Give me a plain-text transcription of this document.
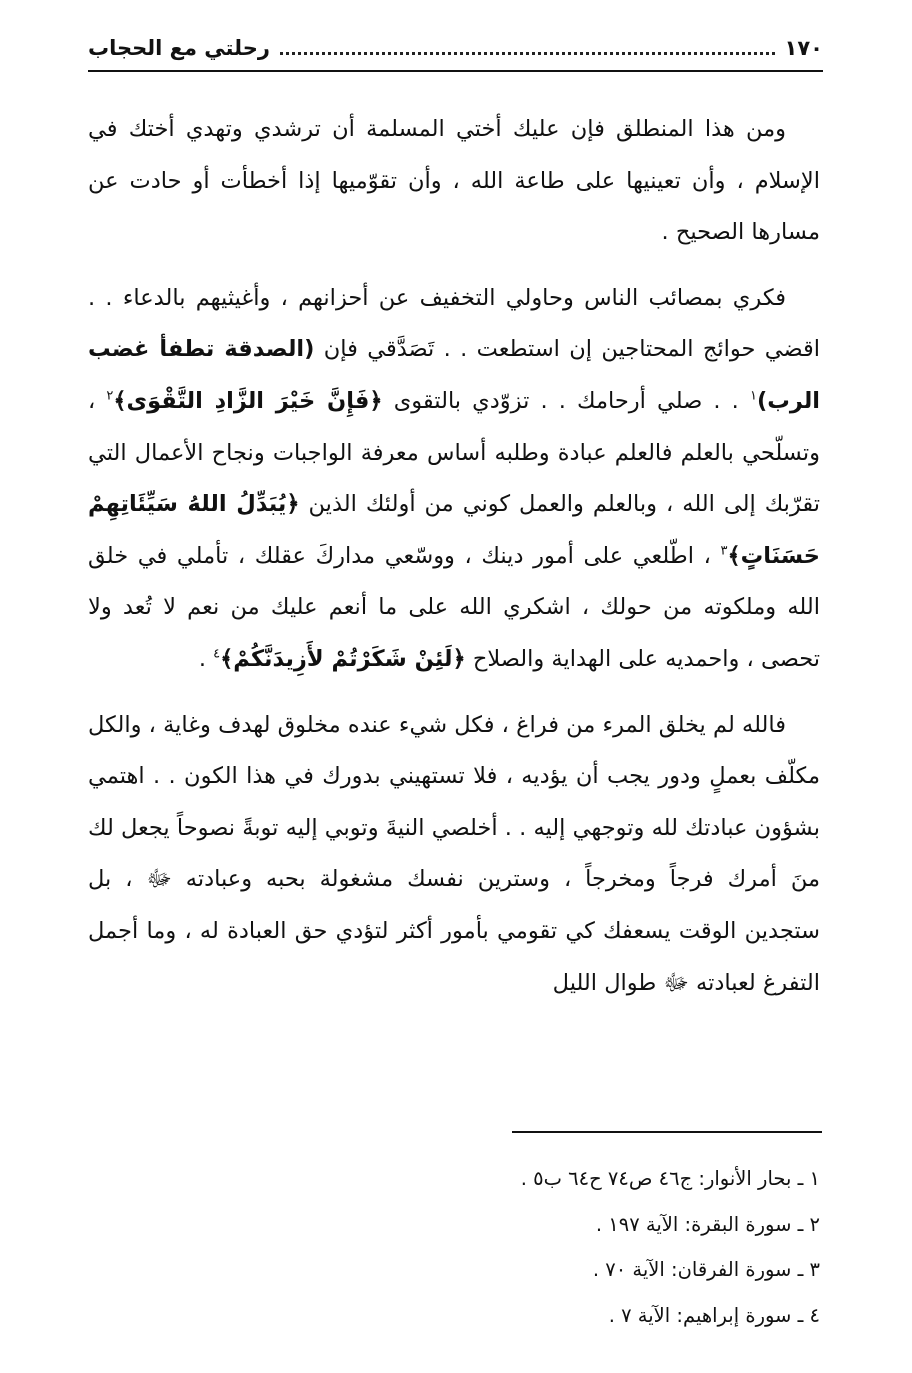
١٧٠
رحلتي مع الحجاب

ومن هذا المنطلق فإن عليك أختي المسلمة أن ترشدي وتهدي أختك في الإسلام ، وأن تعينيها على طاعة الله ، وأن تقوّميها إذا أخطأت أو حادت عن مسارها الصحيح .

فكري بمصائب الناس وحاولي التخفيف عن أحزانهم ، وأغيثيهم بالدعاء . . اقضي حوائج المحتاجين إن استطعت . . تَصَدَّقي فإن (الصدقة تطفأ غضب الرب)$^١$ . . صلي أرحامك . . تزوّدي بالتقوى ﴿فَإِنَّ خَيْرَ الزَّادِ التَّقْوَى﴾$^٢$ ، وتسلّحي بالعلم فالعلم عبادة وطلبه أساس معرفة الواجبات ونجاح الأعمال التي تقرّبك إلى الله ، وبالعلم والعمل كوني من أولئك الذين ﴿يُبَدِّلُ اللهُ سَيِّئَاتِهِمْ حَسَنَاتٍ﴾$^٣$ ، اطّلعي على أمور دينك ، ووسّعي مداركَ عقلك ، تأملي في خلق الله وملكوته من حولك ، اشكري الله على ما أنعم عليك من نعم لا تُعد ولا تحصى ، واحمديه على الهداية والصلاح ﴿لَئِنْ شَكَرْتُمْ لأَزِيدَنَّكُمْ﴾$^٤$ .

فالله لم يخلق المرء من فراغ ، فكل شيء عنده مخلوق لهدف وغاية ، والكل مكلّف بعملٍ ودور يجب أن يؤديه ، فلا تستهيني بدورك في هذا الكون . . اهتمي بشؤون عبادتك لله وتوجهي إليه . . أخلصي النيةَ وتوبي إليه توبةً نصوحاً يجعل لك منَ أمرك فرجاً ومخرجاً ، وسترين نفسك مشغولة بحبه وعبادته ﷻ ، بل ستجدين الوقت يسعفك كي تقومي بأمور أكثر لتؤدي حق العبادة له ، وما أجمل التفرغ لعبادته ﷻ طوال الليل

١ ـ بحار الأنوار: ج٤٦ ص٧٤ ح٦٤ ب٥ .
٢ ـ سورة البقرة: الآية ١٩٧ .
٣ ـ سورة الفرقان: الآية ٧٠ .
٤ ـ سورة إبراهيم: الآية ٧ .
